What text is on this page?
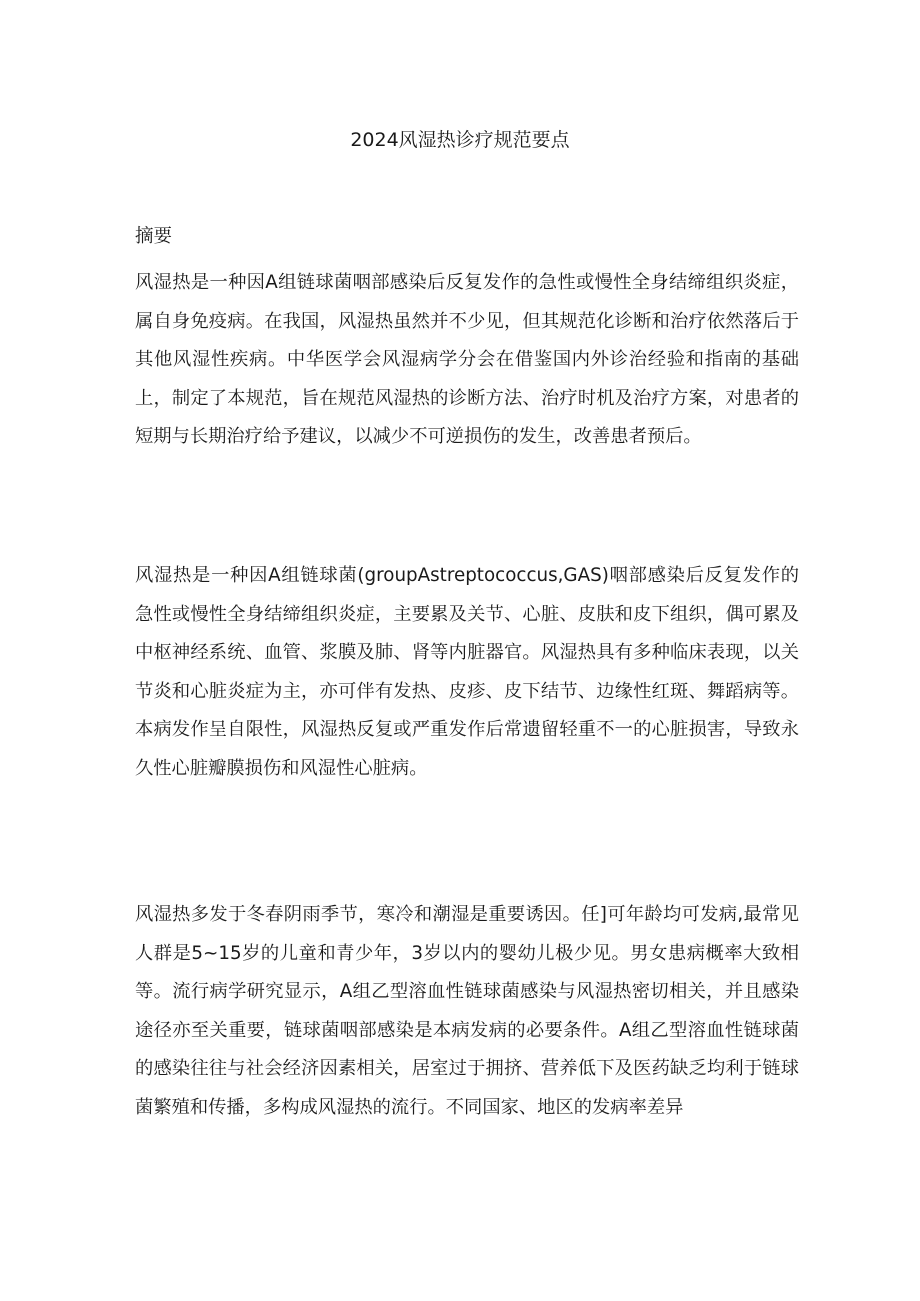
2024风湿热诊疗规范要点
摘要

风湿热是一种因A组链球菌咽部感染后反复发作的急性或慢性全身结缔组织炎症，属自身免疫病。在我国，风湿热虽然并不少见，但其规范化诊断和治疗依然落后于其他风湿性疾病。中华医学会风湿病学分会在借鉴国内外诊治经验和指南的基础上，制定了本规范，旨在规范风湿热的诊断方法、治疗时机及治疗方案，对患者的短期与长期治疗给予建议，以减少不可逆损伤的发生，改善患者预后。

风湿热是一种因A组链球菌(groupAstreptococcus,GAS)咽部感染后反复发作的急性或慢性全身结缔组织炎症，主要累及关节、心脏、皮肤和皮下组织，偶可累及中枢神经系统、血管、浆膜及肺、肾等内脏器官。风湿热具有多种临床表现，以关节炎和心脏炎症为主，亦可伴有发热、皮疹、皮下结节、边缘性红斑、舞蹈病等。本病发作呈自限性，风湿热反复或严重发作后常遗留轻重不一的心脏损害，导致永久性心脏瓣膜损伤和风湿性心脏病。

风湿热多发于冬春阴雨季节，寒冷和潮湿是重要诱因。任]可年龄均可发病,最常见人群是5~15岁的儿童和青少年，3岁以内的婴幼儿极少见。男女患病概率大致相等。流行病学研究显示，A组乙型溶血性链球菌感染与风湿热密切相关，并且感染途径亦至关重要，链球菌咽部感染是本病发病的必要条件。A组乙型溶血性链球菌的感染往往与社会经济因素相关，居室过于拥挤、营养低下及医药缺乏均利于链球菌繁殖和传播，多构成风湿热的流行。不同国家、地区的发病率差异
